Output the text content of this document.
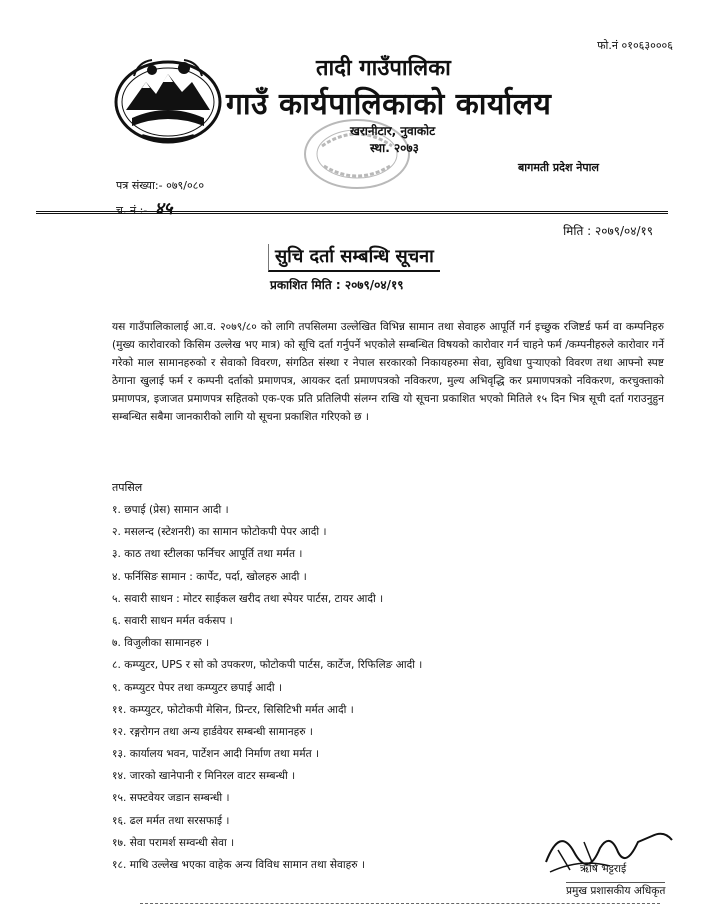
फो.नं ०१०६३०००६
तादी गाउँपालिका
गाउँ कार्यपालिकाको कार्यालय
खरानीटार, नुवाकोट
स्था. २०७३
बागमती प्रदेश नेपाल
पत्र संख्या:- ०७९/०८०
च. नं :- ४५
मिति : २०७९/०४/१९
सुचि दर्ता सम्बन्धि सूचना
प्रकाशित मिति : २०७९/०४/१९

यस गाउँपालिकालाई आ.व. २०७९/८० को लागि तपसिलमा उल्लेखित विभिन्न सामान तथा सेवाहरु आपूर्ति गर्न इच्छुक रजिष्टर्ड फर्म वा कम्पनिहरु (मुख्य कारोवारको किसिम उल्लेख भए मात्र) को सूचि दर्ता गर्नुपर्ने भएकोले सम्बन्धित विषयको कारोवार गर्न चाहने फर्म /कम्पनीहरुले कारोवार गर्ने गरेको माल सामानहरुको र सेवाको विवरण, संगठित संस्था र नेपाल सरकारको निकायहरुमा सेवा, सुविधा पुऱ्याएको विवरण तथा आफ्नो स्पष्ट ठेगाना खुलाई फर्म र कम्पनी दर्ताको प्रमाणपत्र, आयकर दर्ता प्रमाणपत्रको नविकरण, मुल्य अभिवृद्धि कर प्रमाणपत्रको नविकरण, करचुक्ताको प्रमाणपत्र, इजाजत प्रमाणपत्र सहितको एक-एक प्रति प्रतिलिपी संलग्न राखि यो सूचना प्रकाशित भएको मितिले १५ दिन भित्र सूची दर्ता गराउनुहुन सम्बन्धित सबैमा जानकारीको लागि यो सूचना प्रकाशित गरिएको छ ।

तपसिल
१. छपाई (प्रेस) सामान आदी ।
२. मसलन्द (स्टेशनरी) का सामान फोटोकपी पेपर आदी ।
३. काठ तथा स्टीलका फर्निचर आपूर्ति तथा मर्मत ।
४. फर्निसिङ सामान : कार्पेट, पर्दा, खोलहरु आदी ।
५. सवारी साधन : मोटर साईकल खरीद तथा स्पेयर पार्टस, टायर आदी ।
६. सवारी साधन मर्मत वर्कसप ।
७. विजुलीका सामानहरु ।
८. कम्प्युटर, UPS र सो को उपकरण, फोटोकपी पार्टस, कार्टेज, रिफिलिङ आदी ।
९. कम्प्युटर पेपर तथा कम्प्युटर छपाई आदी ।
११. कम्प्युटर, फोटोकपी मेसिन, प्रिन्टर, सिसिटिभी मर्मत आदी ।
१२. रङ्गरोगन तथा अन्य हार्डवेयर सम्बन्धी सामानहरु ।
१३. कार्यालय भवन, पार्टेशन आदी निर्माण तथा मर्मत ।
१४. जारको खानेपानी र मिनिरल वाटर सम्बन्धी ।
१५. सफ्टवेयर जडान सम्बन्धी ।
१६. ढल मर्मत तथा सरसफाई ।
१७. सेवा परामर्श सम्वन्धी सेवा ।
१८. माथि उल्लेख भएका वाहेक अन्य विविध सामान तथा सेवाहरु ।	ऋषि भट्टराई
प्रमुख प्रशासकीय अधिकृत
